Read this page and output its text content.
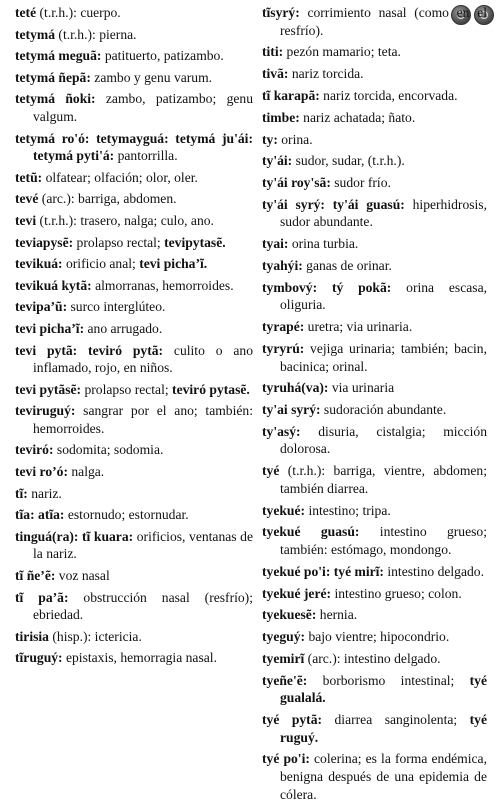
teté (t.r.h.): cuerpo.
tetymá (t.r.h.): pierna.
tetymá meguã: patituerto, patizambo.
tetymá ñepã: zambo y genu varum.
tetymá ñoki: zambo, patizambo; genu valgum.
tetymá ro'ó: tetymayguá: tetymá ju'ái: tetymá pyti'á: pantorrilla.
tetũ: olfatear; olfación; olor, oler.
tevé (arc.): barriga, abdomen.
tevi (t.r.h.): trasero, nalga; culo, ano.
teviapysẽ: prolapso rectal; tevipytasẽ.
tevikuá: orificio anal; tevi pichaʼĩ.
tevikuá kytã: almorranas, hemorroides.
tevipaʼũ: surco interglúteo.
tevi pichaʼĩ: ano arrugado.
tevi pytã: teviró pytã: culito o ano inflamado, rojo, en niños.
tevi pytãsẽ: prolapso rectal; teviró pytasẽ.
teviruguý: sangrar por el ano; también: hemorroides.
teviró: sodomita; sodomia.
tevi roʼó: nalga.
tĩ: nariz.
tĩa: atĩa: estornudo; estornudar.
tinguá(ra): tĩ kuara: orificios, ventanas de la nariz.
tĩ ñeʼẽ: voz nasal
tĩ paʼã: obstrucción nasal (resfrío); ebriedad.
tirisia (hisp.): ictericia.
tĩruguý: epistaxis, hemorragia nasal.
tĩsyrý: corrimiento nasal (como en el resfrío).
titi: pezón mamario; teta.
tivã: nariz torcida.
tĩ karapã: nariz torcida, encorvada.
timbe: nariz achatada; ñato.
ty: orina.
ty'ái: sudor, sudar, (t.r.h.).
ty'ái roy'sã: sudor frío.
ty'ái syrý: ty'ái guasú: hiperhidrosis, sudor abundante.
tyai: orina turbia.
tyahýi: ganas de orinar.
tymbový: tý pokã: orina escasa, oliguria.
tyrapé: uretra; via urinaria.
tyryrú: vejiga urinaria; también; bacin, bacinica; orinal.
tyruhá(va): via urinaria
ty'ai syrý: sudoración abundante.
ty'asý: disuria, cistalgia; micción dolorosa.
tyé (t.r.h.): barriga, vientre, abdomen; también diarrea.
tyekué: intestino; tripa.
tyekué guasú: intestino grueso; también: estómago, mondongo.
tyekué po'i: tyé mirĩ: intestino delgado.
tyekué jeré: intestino grueso; colon.
tyekuesẽ: hernia.
tyeguý: bajo vientre; hipocondrio.
tyemirĩ (arc.): intestino delgado.
tyeñe'ẽ: borborismo intestinal; tyé gualalá.
tyé pytã: diarrea sanginolenta; tyé ruguý.
tyé po'i: colerina; es la forma endémica, benigna después de una epidemia de cólera.
